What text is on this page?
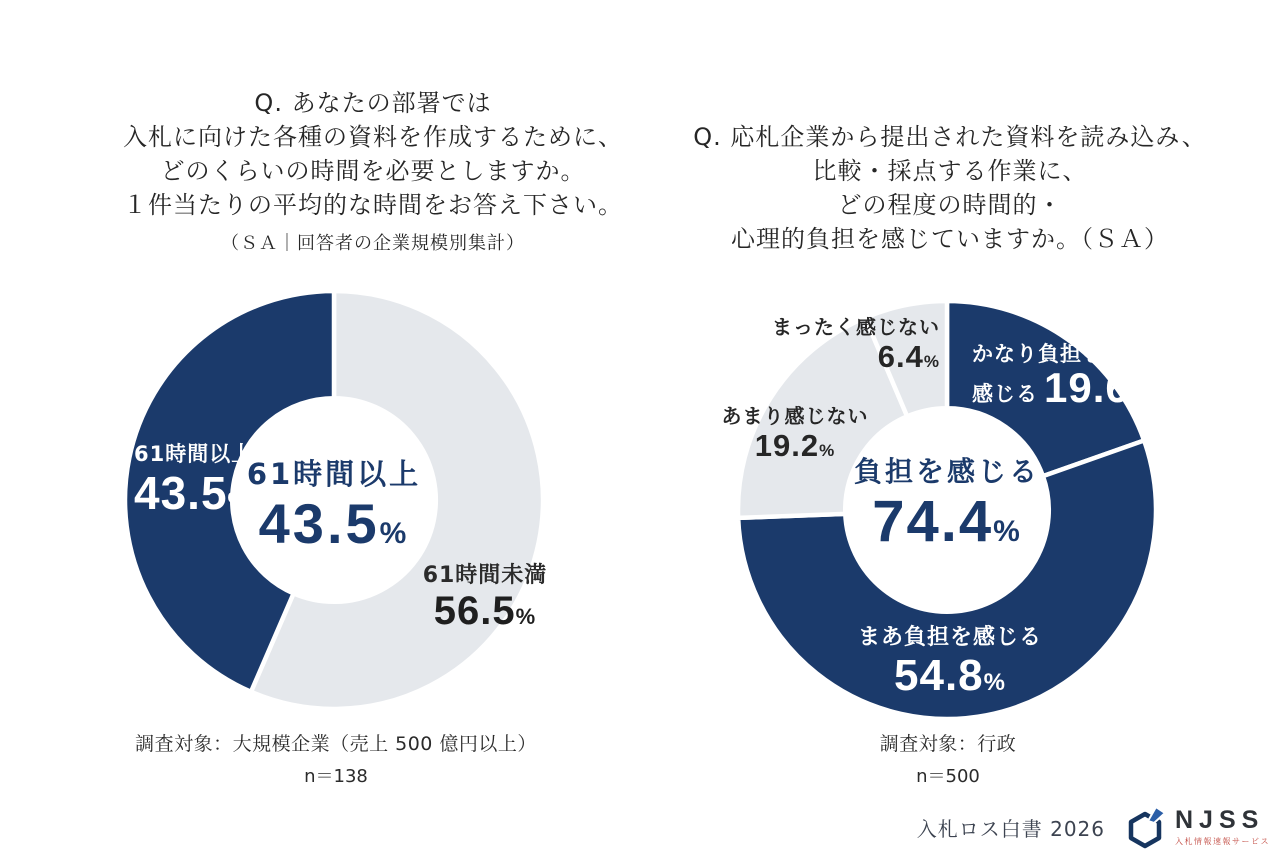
Q. あなたの部署では
入札に向けた各種の資料を作成するために、
どのくらいの時間を必要としますか。
１件当たりの平均的な時間をお答え下さい。
（ＳＡ｜回答者の企業規模別集計）
Q. 応札企業から提出された資料を読み込み、
比較・採点する作業に、
どの程度の時間的・
心理的負担を感じていますか。（ＳＡ）
61時間以上
43.5%
61時間以上
43.5%
61時間未満
56.5%
まったく感じない
6.4% かなり負担を
感じる 19.6%
あまり感じない
19.2%
負担を感じる
74.4%
まあ負担を感じる
54.8%
調査対象：大規模企業（売上 500 億円以上）
n＝138
調査対象：行政
n＝500
入札ロス白書 2026	NJSS
入札情報速報サービス
